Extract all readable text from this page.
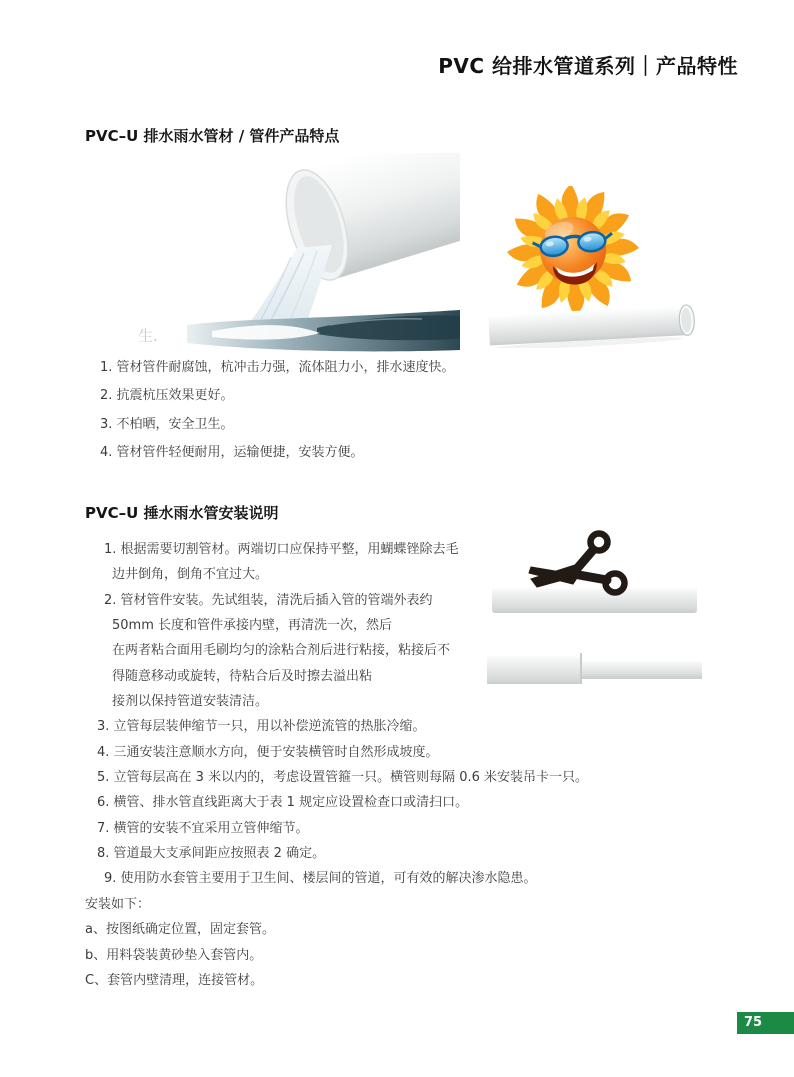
PVC 给排水管道系列｜产品特性
PVC–U 排水雨水管材 / 管件产品特点
生.
1. 管材管件耐腐蚀，杭冲击力强，流体阻力小，排水速度快。
2. 抗震杭压效果更好。
3. 不柏晒，安全卫生。
4. 管材管件轻便耐用，运输便捷，安装方便。
PVC–U 捶水雨水管安装说明
1. 根据需要切割管材。两端切口应保持平整，用蝴蝶锉除去毛
边井倒角，倒角不宜过大。
2. 管材管件安装。先试组装，清洗后插入管的管端外表约
50mm 长度和管件承接内壁，再清洗一次，然后
在两者粘合面用毛刷均匀的涂粘合剂后进行粘接，粘接后不
得随意移动或旋转，待粘合后及时擦去溢出粘
接剂以保持管道安装清洁。
3. 立管每层装伸缩节一只，用以补偿逆流管的热胀冷缩。
4. 三通安装注意顺水方向，便于安装横管时自然形成坡度。
5. 立管每层高在 3 米以内的，考虑设置管箍一只。横管则每隔 0.6 米安装吊卡一只。
6. 横管、排水管直线距离大于表 1 规定应设置检查口或清扫口。
7. 横管的安装不宜采用立管伸缩节。
8. 管道最大支承间距应按照表 2 确定。
9. 使用防水套管主要用于卫生间、楼层间的管道，可有效的解决渗水隐患。
安装如下：
a、按图纸确定位置，固定套管。
b、用料袋装黄砂垫入套管内。
C、套管内壁清理，连接管材。
75
